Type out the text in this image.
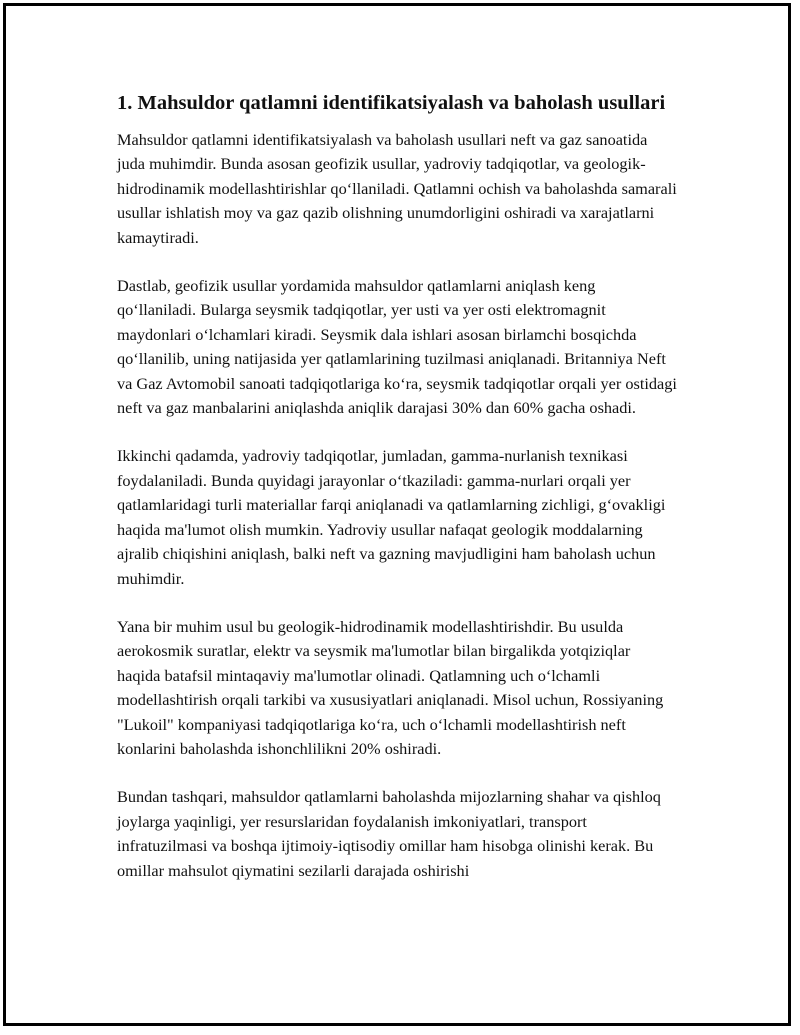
1. Mahsuldor qatlamni identifikatsiyalash va baholash usullari

Mahsuldor qatlamni identifikatsiyalash va baholash usullari neft va gaz sanoatida juda muhimdir. Bunda asosan geofizik usullar, yadroviy tadqiqotlar, va geologik-hidrodinamik modellashtirishlar qo‘llaniladi. Qatlamni ochish va baholashda samarali usullar ishlatish moy va gaz qazib olishning unumdorligini oshiradi va xarajatlarni kamaytiradi.

Dastlab, geofizik usullar yordamida mahsuldor qatlamlarni aniqlash keng qo‘llaniladi. Bularga seysmik tadqiqotlar, yer usti va yer osti elektromagnit maydonlari o‘lchamlari kiradi. Seysmik dala ishlari asosan birlamchi bosqichda qo‘llanilib, uning natijasida yer qatlamlarining tuzilmasi aniqlanadi. Britanniya Neft va Gaz Avtomobil sanoati tadqiqotlariga ko‘ra, seysmik tadqiqotlar orqali yer ostidagi neft va gaz manbalarini aniqlashda aniqlik darajasi 30% dan 60% gacha oshadi.

Ikkinchi qadamda, yadroviy tadqiqotlar, jumladan, gamma-nurlanish texnikasi foydalaniladi. Bunda quyidagi jarayonlar o‘tkaziladi: gamma-nurlari orqali yer qatlamlaridagi turli materiallar farqi aniqlanadi va qatlamlarning zichligi, g‘ovakligi haqida ma'lumot olish mumkin. Yadroviy usullar nafaqat geologik moddalarning ajralib chiqishini aniqlash, balki neft va gazning mavjudligini ham baholash uchun muhimdir.

Yana bir muhim usul bu geologik-hidrodinamik modellashtirishdir. Bu usulda aerokosmik suratlar, elektr va seysmik ma'lumotlar bilan birgalikda yotqiziqlar haqida batafsil mintaqaviy ma'lumotlar olinadi. Qatlamning uch o‘lchamli modellashtirish orqali tarkibi va xususiyatlari aniqlanadi. Misol uchun, Rossiyaning "Lukoil" kompaniyasi tadqiqotlariga ko‘ra, uch o‘lchamli modellashtirish neft konlarini baholashda ishonchlilikni 20% oshiradi.

Bundan tashqari, mahsuldor qatlamlarni baholashda mijozlarning shahar va qishloq joylarga yaqinligi, yer resurslaridan foydalanish imkoniyatlari, transport infratuzilmasi va boshqa ijtimoiy-iqtisodiy omillar ham hisobga olinishi kerak. Bu omillar mahsulot qiymatini sezilarli darajada oshirishi
